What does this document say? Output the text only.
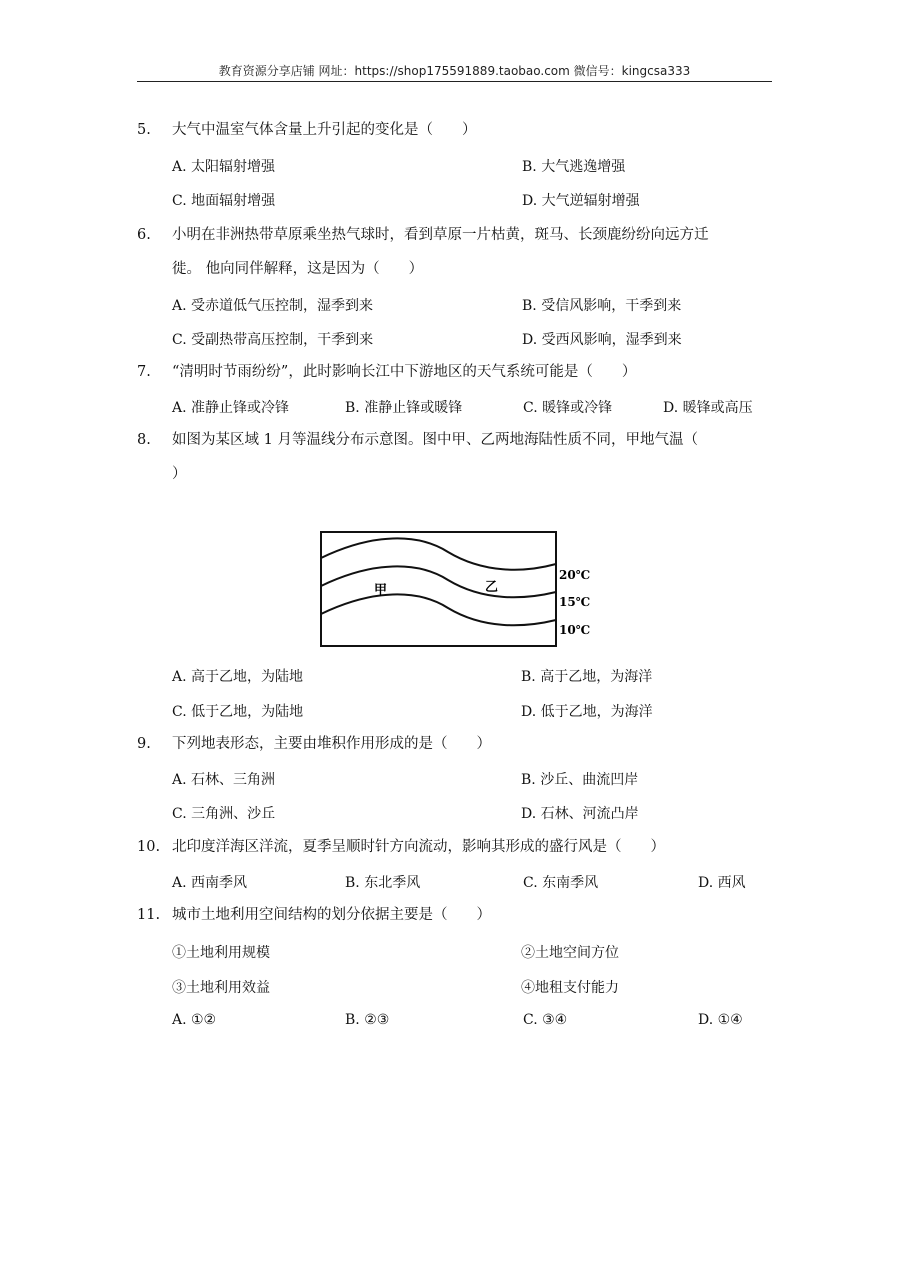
教育资源分享店铺 网址：https://shop175591889.taobao.com 微信号：kingcsa333
5. 大气中温室气体含量上升引起的变化是（　　）
A. 太阳辐射增强	B. 大气逃逸增强
C. 地面辐射增强	D. 大气逆辐射增强
6. 小明在非洲热带草原乘坐热气球时，看到草原一片枯黄，斑马、长颈鹿纷纷向远方迁
徙。 他向同伴解释，这是因为（　　）
A. 受赤道低气压控制，湿季到来	B. 受信风影响，干季到来
C. 受副热带高压控制，干季到来	D. 受西风影响，湿季到来
7. “清明时节雨纷纷”，此时影响长江中下游地区的天气系统可能是（　　）
A. 准静止锋或冷锋	B. 准静止锋或暖锋	C. 暖锋或冷锋	D. 暖锋或高压
8. 如图为某区域 1 月等温线分布示意图。图中甲、乙两地海陆性质不同，甲地气温（
）
甲	乙
20℃
15℃
10℃
A. 高于乙地，为陆地	B. 高于乙地，为海洋
C. 低于乙地，为陆地	D. 低于乙地，为海洋
9. 下列地表形态，主要由堆积作用形成的是（　　）
A. 石林、三角洲	B. 沙丘、曲流凹岸
C. 三角洲、沙丘	D. 石林、河流凸岸
10. 北印度洋海区洋流，夏季呈顺时针方向流动，影响其形成的盛行风是（　　）
A. 西南季风	B. 东北季风	C. 东南季风	D. 西风
11. 城市土地利用空间结构的划分依据主要是（　　）
①土地利用规模	②土地空间方位
③土地利用效益	④地租支付能力
A. ①②	B. ②③	C. ③④	D. ①④
